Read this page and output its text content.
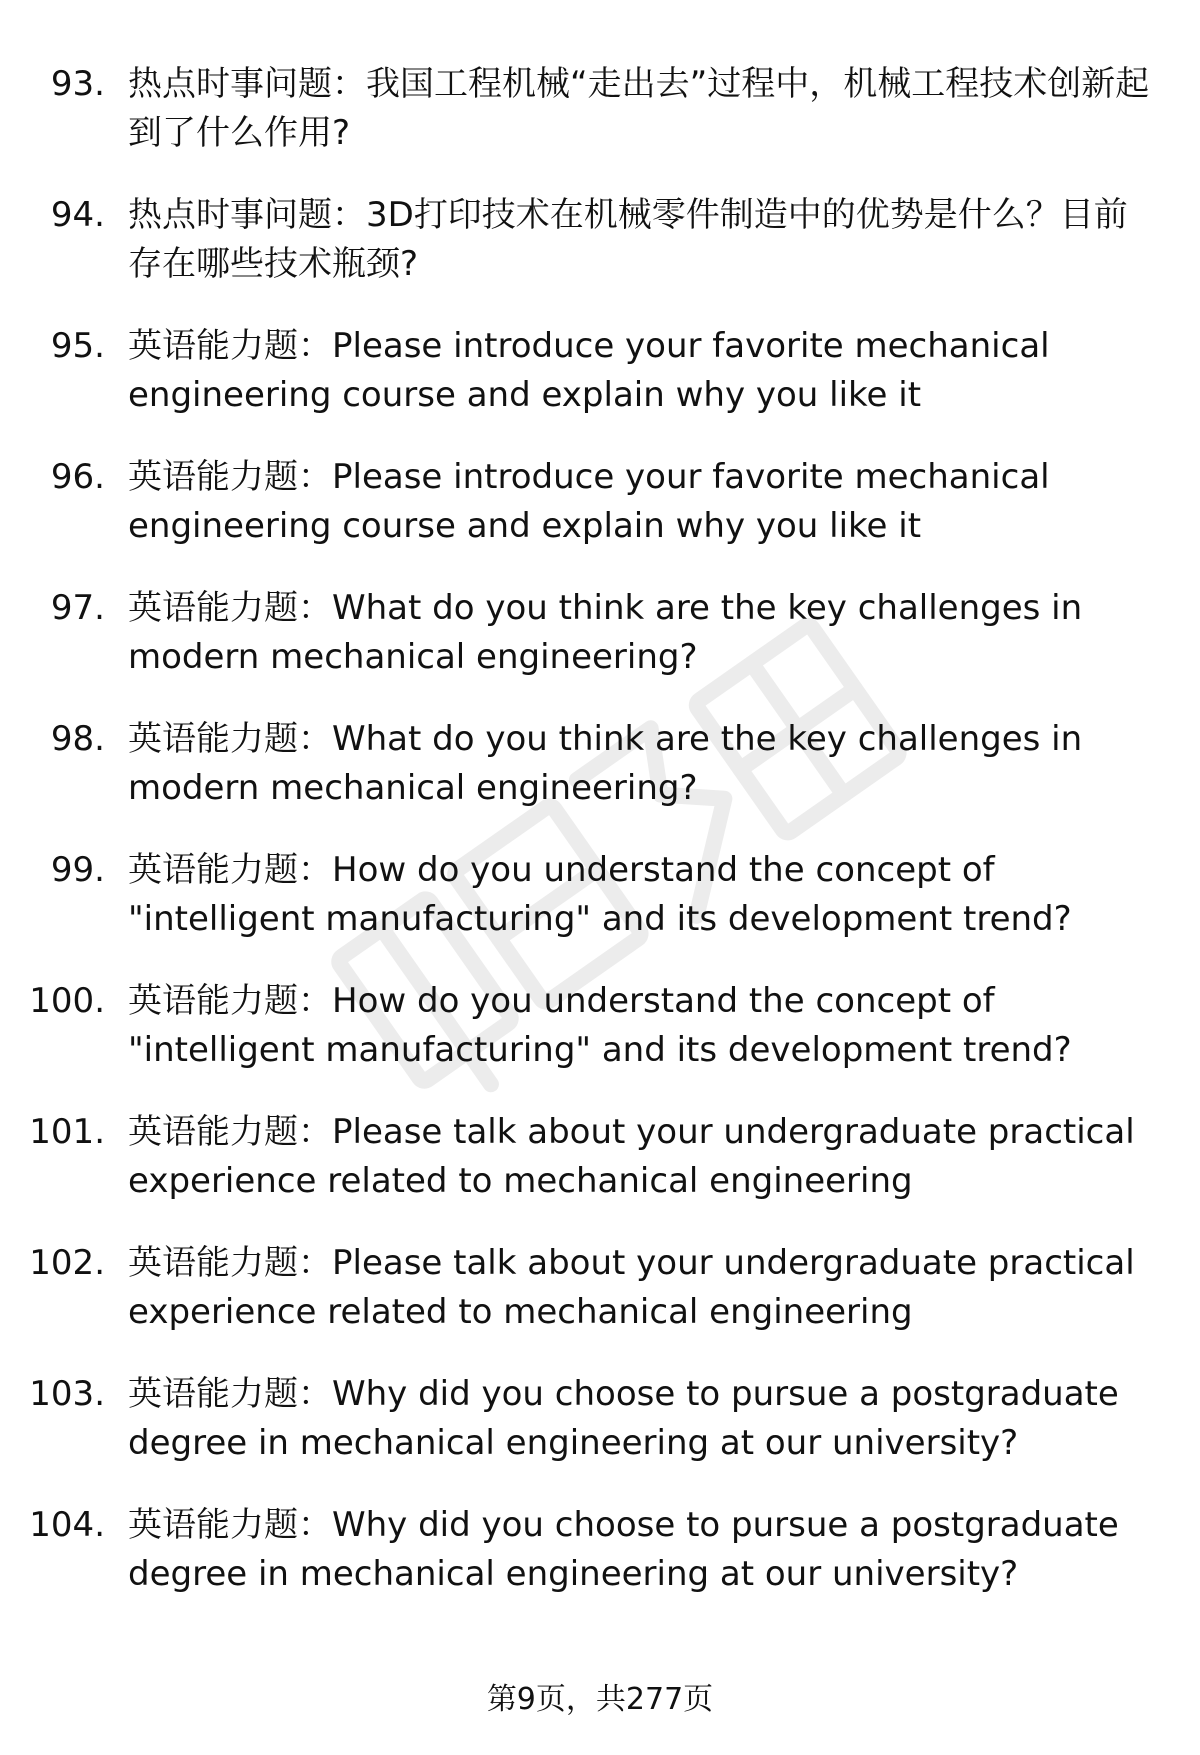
93. 热点时事问题：我国工程机械“走出去”过程中，机械工程技术创新起到了什么作用?
94. 热点时事问题：3D打印技术在机械零件制造中的优势是什么？目前存在哪些技术瓶颈?
95. 英语能力题：Please introduce your favorite mechanical engineering course and explain why you like it
96. 英语能力题：Please introduce your favorite mechanical engineering course and explain why you like it
97. 英语能力题：What do you think are the key challenges in modern mechanical engineering?
98. 英语能力题：What do you think are the key challenges in modern mechanical engineering?
99. 英语能力题：How do you understand the concept of "intelligent manufacturing" and its development trend?
100. 英语能力题：How do you understand the concept of "intelligent manufacturing" and its development trend?
101. 英语能力题：Please talk about your undergraduate practical experience related to mechanical engineering
102. 英语能力题：Please talk about your undergraduate practical experience related to mechanical engineering
103. 英语能力题：Why did you choose to pursue a postgraduate degree in mechanical engineering at our university?
104. 英语能力题：Why did you choose to pursue a postgraduate degree in mechanical engineering at our university?
第9页，共277页
